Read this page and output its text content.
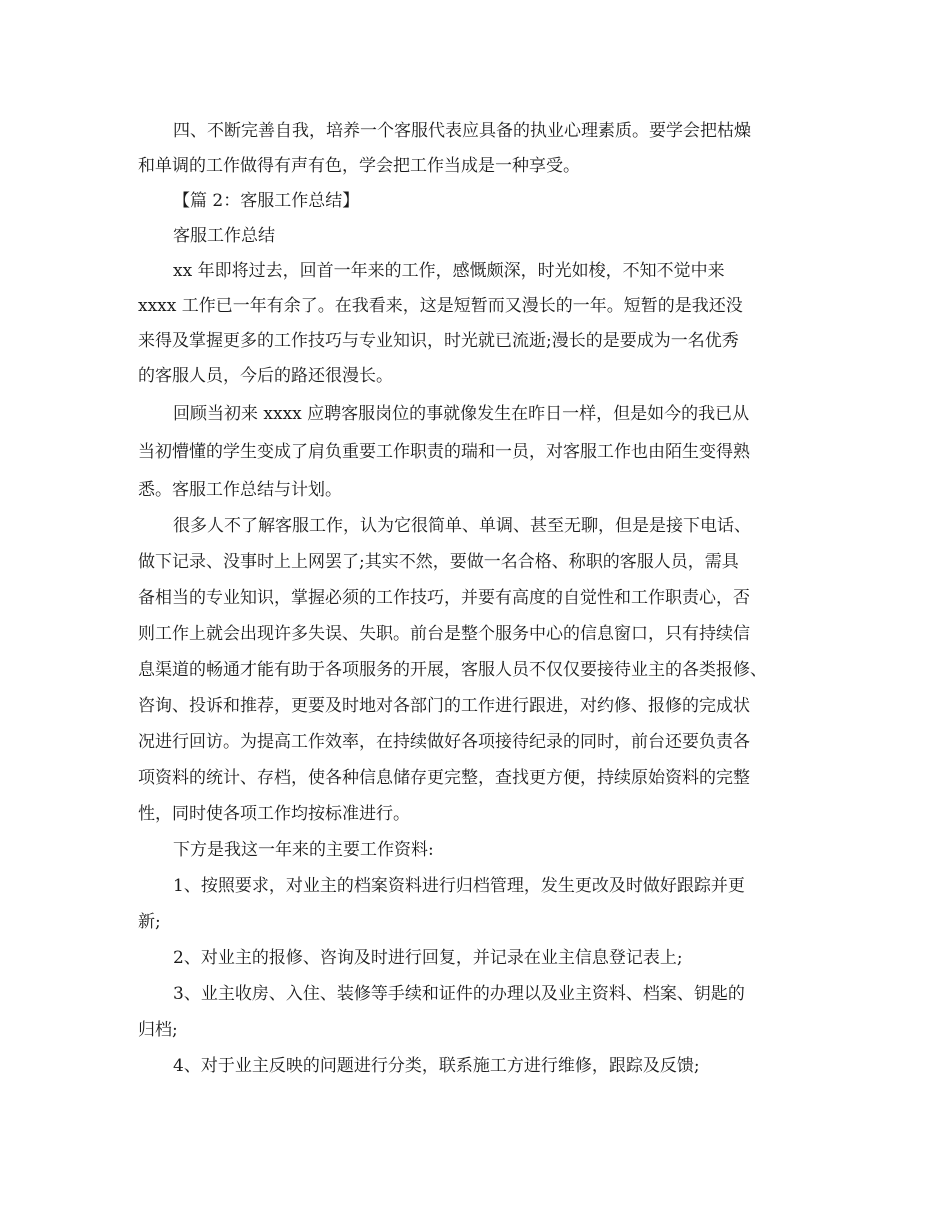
四、不断完善自我，培养一个客服代表应具备的执业心理素质。要学会把枯燥
和单调的工作做得有声有色，学会把工作当成是一种享受。
【篇 2：客服工作总结】
客服工作总结
xx 年即将过去，回首一年来的工作，感慨颇深，时光如梭，不知不觉中来
xxxx 工作已一年有余了。在我看来，这是短暂而又漫长的一年。短暂的是我还没
来得及掌握更多的工作技巧与专业知识，时光就已流逝;漫长的是要成为一名优秀
的客服人员，今后的路还很漫长。
回顾当初来 xxxx 应聘客服岗位的事就像发生在昨日一样，但是如今的我已从
当初懵懂的学生变成了肩负重要工作职责的瑞和一员，对客服工作也由陌生变得熟
悉。客服工作总结与计划。
很多人不了解客服工作，认为它很简单、单调、甚至无聊，但是是接下电话、
做下记录、没事时上上网罢了;其实不然，要做一名合格、称职的客服人员，需具
备相当的专业知识，掌握必须的工作技巧，并要有高度的自觉性和工作职责心，否
则工作上就会出现许多失误、失职。前台是整个服务中心的信息窗口，只有持续信
息渠道的畅通才能有助于各项服务的开展，客服人员不仅仅要接待业主的各类报修、
咨询、投诉和推荐，更要及时地对各部门的工作进行跟进，对约修、报修的完成状
况进行回访。为提高工作效率，在持续做好各项接待纪录的同时，前台还要负责各
项资料的统计、存档，使各种信息储存更完整，查找更方便，持续原始资料的完整
性，同时使各项工作均按标准进行。
下方是我这一年来的主要工作资料:
1、按照要求，对业主的档案资料进行归档管理，发生更改及时做好跟踪并更
新;
2、对业主的报修、咨询及时进行回复，并记录在业主信息登记表上;
3、业主收房、入住、装修等手续和证件的办理以及业主资料、档案、钥匙的
归档;
4、对于业主反映的问题进行分类，联系施工方进行维修，跟踪及反馈;
